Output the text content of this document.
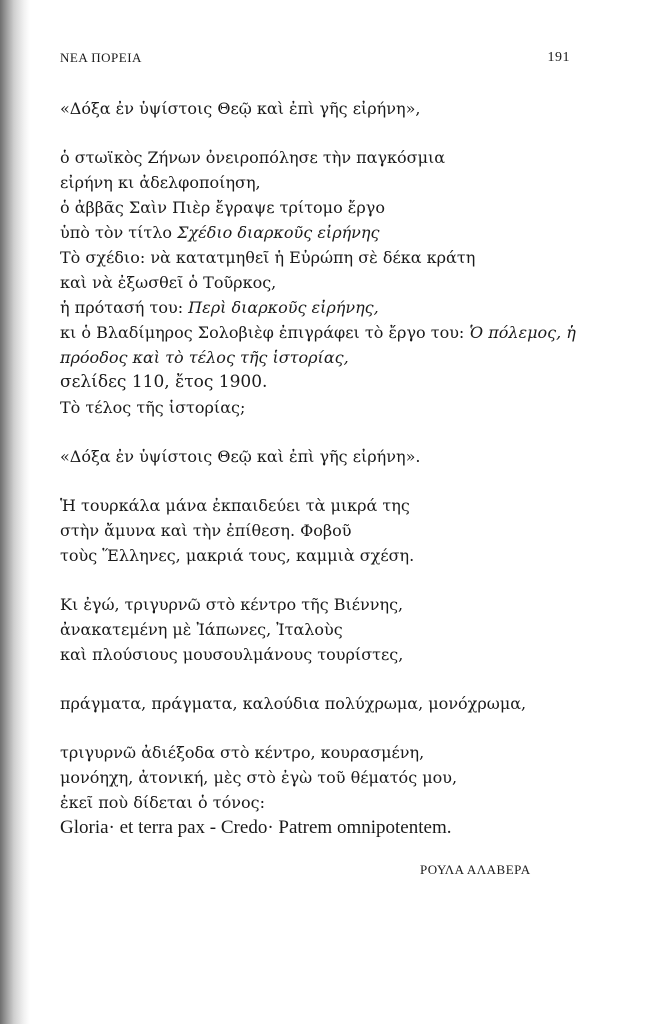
ΝΕΑ ΠΟΡΕΙΑ	191
«Δόξα ἐν ὑψίστοις Θεῷ καὶ ἐπὶ γῆς εἰρήνη»,
ὁ στωϊκὸς Ζήνων ὀνειροπόλησε τὴν παγκόσμια
εἰρήνη κι ἀδελφοποίηση,
ὁ ἀββᾶς Σαὶν Πιὲρ ἔγραψε τρίτομο ἔργο
ὑπὸ τὸν τίτλο Σχέδιο διαρκοῦς εἰρήνης
Τὸ σχέδιο: νὰ κατατμηθεῖ ἡ Εὐρώπη σὲ δέκα κράτη
καὶ νὰ ἐξωσθεῖ ὁ Τοῦρκος,
ἡ πρότασή του: Περὶ διαρκοῦς εἰρήνης,
κι ὁ Βλαδίμηρος Σολοβιὲφ ἐπιγράφει τὸ ἔργο του: Ὁ πόλεμος, ἡ
πρόοδος καὶ τὸ τέλος τῆς ἱστορίας,
σελίδες 110, ἔτος 1900.
Τὸ τέλος τῆς ἱστορίας;
«Δόξα ἐν ὑψίστοις Θεῷ καὶ ἐπὶ γῆς εἰρήνη».
Ἡ τουρκάλα μάνα ἐκπαιδεύει τὰ μικρά της
στὴν ἄμυνα καὶ τὴν ἐπίθεση. Φοβοῦ
τοὺς Ἕλληνες, μακριά τους, καμμιὰ σχέση.
Κι ἐγώ, τριγυρνῶ στὸ κέντρο τῆς Βιέννης,
ἀνακατεμένη μὲ Ἰάπωνες, Ἰταλοὺς
καὶ πλούσιους μουσουλμάνους τουρίστες,
πράγματα, πράγματα, καλούδια πολύχρωμα, μονόχρωμα,
τριγυρνῶ ἀδιέξοδα στὸ κέντρο, κουρασμένη,
μονόηχη, ἀτονική, μὲς στὸ ἐγὼ τοῦ θέματός μου,
ἐκεῖ ποὺ δίδεται ὁ τόνος:
Gloria· et terra pax - Credo· Patrem omnipotentem.
ΡΟΥΛΑ ΑΛΑΒΕΡΑ
